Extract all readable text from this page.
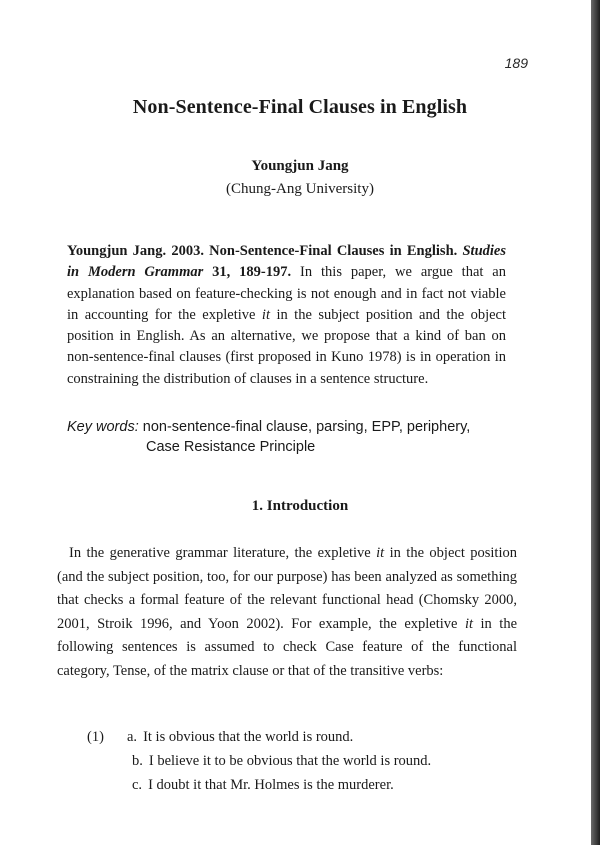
189
Non-Sentence-Final Clauses in English
Youngjun Jang
(Chung-Ang University)
Youngjun Jang. 2003. Non-Sentence-Final Clauses in English. Studies in Modern Grammar 31, 189-197. In this paper, we argue that an explanation based on feature-checking is not enough and in fact not viable in accounting for the expletive it in the subject position and the object position in English. As an alternative, we propose that a kind of ban on non-sentence-final clauses (first proposed in Kuno 1978) is in operation in constraining the distribution of clauses in a sentence structure.
Key words: non-sentence-final clause, parsing, EPP, periphery,
Case Resistance Principle
1. Introduction

In the generative grammar literature, the expletive it in the object position (and the subject position, too, for our purpose) has been analyzed as something that checks a formal feature of the relevant functional head (Chomsky 2000, 2001, Stroik 1996, and Yoon 2002). For example, the expletive it in the following sentences is assumed to check Case feature of the functional category, Tense, of the matrix clause or that of the transitive verbs:

(1) a. It is obvious that the world is round.
b. I believe it to be obvious that the world is round.
c. I doubt it that Mr. Holmes is the murderer.
